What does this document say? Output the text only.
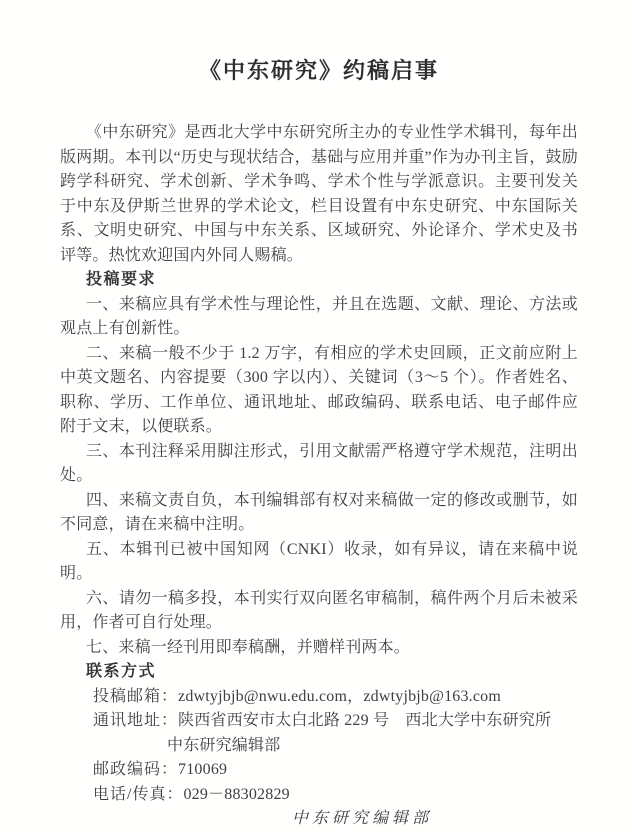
《中东研究》约稿启事

《中东研究》是西北大学中东研究所主办的专业性学术辑刊，每年出版两期。本刊以“历史与现状结合，基础与应用并重”作为办刊主旨，鼓励跨学科研究、学术创新、学术争鸣、学术个性与学派意识。主要刊发关于中东及伊斯兰世界的学术论文，栏目设置有中东史研究、中东国际关系、文明史研究、中国与中东关系、区域研究、外论译介、学术史及书评等。热忱欢迎国内外同人赐稿。

投稿要求

一、来稿应具有学术性与理论性，并且在选题、文献、理论、方法或观点上有创新性。

二、来稿一般不少于 1.2 万字，有相应的学术史回顾，正文前应附上中英文题名、内容提要（300 字以内）、关键词（3～5 个）。作者姓名、职称、学历、工作单位、通讯地址、邮政编码、联系电话、电子邮件应附于文末，以便联系。

三、本刊注释采用脚注形式，引用文献需严格遵守学术规范，注明出处。

四、来稿文责自负，本刊编辑部有权对来稿做一定的修改或删节，如不同意，请在来稿中注明。

五、本辑刊已被中国知网（CNKI）收录，如有异议，请在来稿中说明。

六、请勿一稿多投，本刊实行双向匿名审稿制，稿件两个月后未被采用，作者可自行处理。

七、来稿一经刊用即奉稿酬，并赠样刊两本。

联系方式

投稿邮箱：zdwtyjbjb@nwu.edu.com，zdwtyjbjb@163.com

通讯地址：陕西省西安市太白北路 229 号　西北大学中东研究所

中东研究编辑部

邮政编码：710069

电话/传真：029－88302829

中东研究编辑部
